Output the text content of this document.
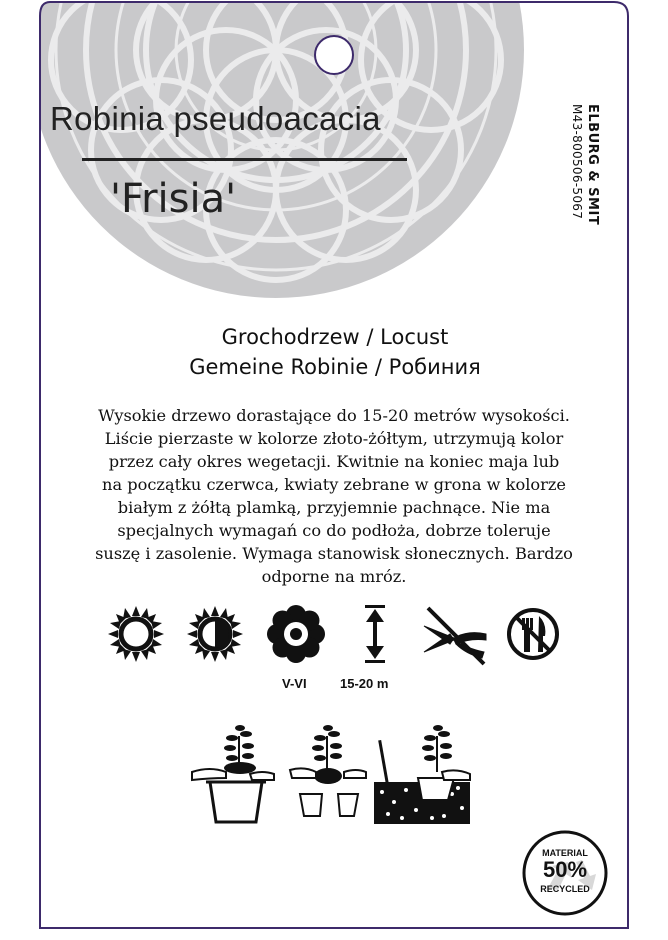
Robinia pseudoacacia
'Frisia'	ELBURG & SMIT
M43-800506-5067
Grochodrzew / Locust
Gemeine Robinie / Робиния
Wysokie drzewo dorastające do 15-20 metrów wysokości.
Liście pierzaste w kolorze złoto-żółtym, utrzymują kolor
przez cały okres wegetacji. Kwitnie na koniec maja lub
na początku czerwca, kwiaty zebrane w grona w kolorze
białym z żółtą plamką, przyjemnie pachnące. Nie ma
specjalnych wymagań co do podłoża, dobrze toleruje
suszę i zasolenie. Wymaga stanowisk słonecznych. Bardzo
odporne na mróz.
V-VI	15-20 m
MATERIAL
50%
RECYCLED
